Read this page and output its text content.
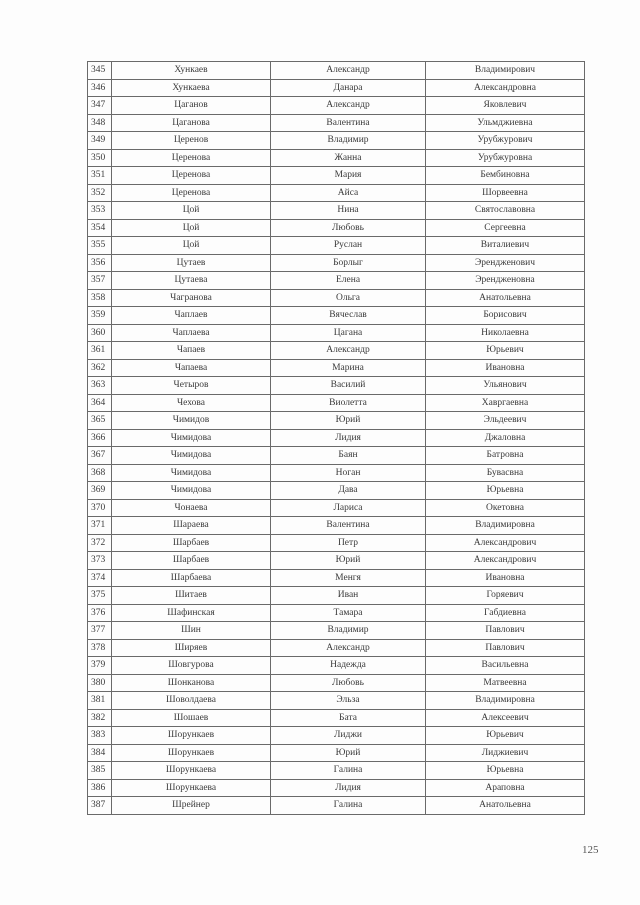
345	Хункаев	Александр	Владимирович
346	Хункаева	Данара	Александровна
347	Цаганов	Александр	Яковлевич
348	Цаганова	Валентина	Ульмджиевна
349	Церенов	Владимир	Урубжурович
350	Церенова	Жанна	Урубжуровна
351	Церенова	Мария	Бембиновна
352	Церенова	Айса	Шорвеевна
353	Цой	Нина	Святославовна
354	Цой	Любовь	Сергеевна
355	Цой	Руслан	Виталиевич
356	Цутаев	Борлыг	Эрендженович
357	Цутаева	Елена	Эрендженовна
358	Чагранова	Ольга	Анатольевна
359	Чаплаев	Вячеслав	Борисович
360	Чаплаева	Цагана	Николаевна
361	Чапаев	Александр	Юрьевич
362	Чапаева	Марина	Ивановна
363	Четыров	Василий	Ульянович
364	Чехова	Виолетта	Хавргаевна
365	Чимидов	Юрий	Эльдеевич
366	Чимидова	Лидия	Джаловна
367	Чимидова	Баян	Батровна
368	Чимидова	Ноган	Бувасвна
369	Чимидова	Дава	Юрьевна
370	Чонаева	Лариса	Окетовна
371	Шараева	Валентина	Владимировна
372	Шарбаев	Петр	Александрович
373	Шарбаев	Юрий	Александрович
374	Шарбаева	Менгя	Ивановна
375	Шитаев	Иван	Горяевич
376	Шафинская	Тамара	Габдиевна
377	Шин	Владимир	Павлович
378	Ширяев	Александр	Павлович
379	Шовгурова	Надежда	Васильевна
380	Шонканова	Любовь	Матвеевна
381	Шоволдаева	Эльза	Владимировна
382	Шошаев	Бата	Алексеевич
383	Шорункаев	Лиджи	Юрьевич
384	Шорункаев	Юрий	Лиджиевич
385	Шорункаева	Галина	Юрьевна
386	Шорункаева	Лидия	Араповна
387	Шрейнер	Галина	Анатольевна
125
